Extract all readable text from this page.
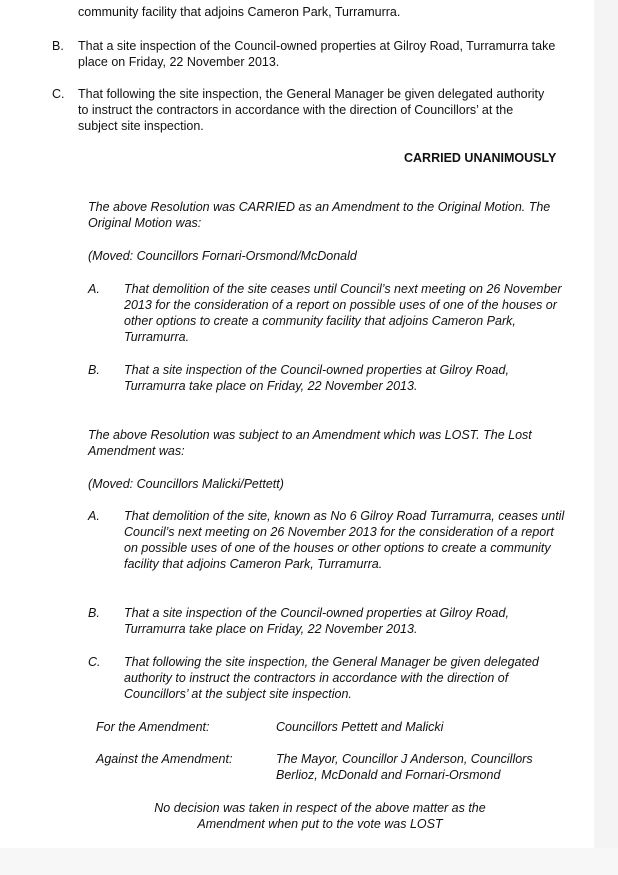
community facility that adjoins Cameron Park, Turramurra.

B. That a site inspection of the Council-owned properties at Gilroy Road, Turramurra take place on Friday, 22 November 2013.

C. That following the site inspection, the General Manager be given delegated authority to instruct the contractors in accordance with the direction of Councillors’ at the subject site inspection.

CARRIED UNANIMOUSLY

The above Resolution was CARRIED as an Amendment to the Original Motion. The Original Motion was:

(Moved: Councillors Fornari-Orsmond/McDonald

A. That demolition of the site ceases until Council’s next meeting on 26 November 2013 for the consideration of a report on possible uses of one of the houses or other options to create a community facility that adjoins Cameron Park, Turramurra.

B. That a site inspection of the Council-owned properties at Gilroy Road, Turramurra take place on Friday, 22 November 2013.

The above Resolution was subject to an Amendment which was LOST. The Lost Amendment was:

(Moved: Councillors Malicki/Pettett)

A. That demolition of the site, known as No 6 Gilroy Road Turramurra, ceases until Council’s next meeting on 26 November 2013 for the consideration of a report on possible uses of one of the houses or other options to create a community facility that adjoins Cameron Park, Turramurra.

B. That a site inspection of the Council-owned properties at Gilroy Road, Turramurra take place on Friday, 22 November 2013.

C. That following the site inspection, the General Manager be given delegated authority to instruct the contractors in accordance with the direction of Councillors’ at the subject site inspection.

For the Amendment:	Councillors Pettett and Malicki
Against the Amendment:	The Mayor, Councillor J Anderson, Councillors Berlioz, McDonald and Fornari-Orsmond

No decision was taken in respect of the above matter as the Amendment when put to the vote was LOST
